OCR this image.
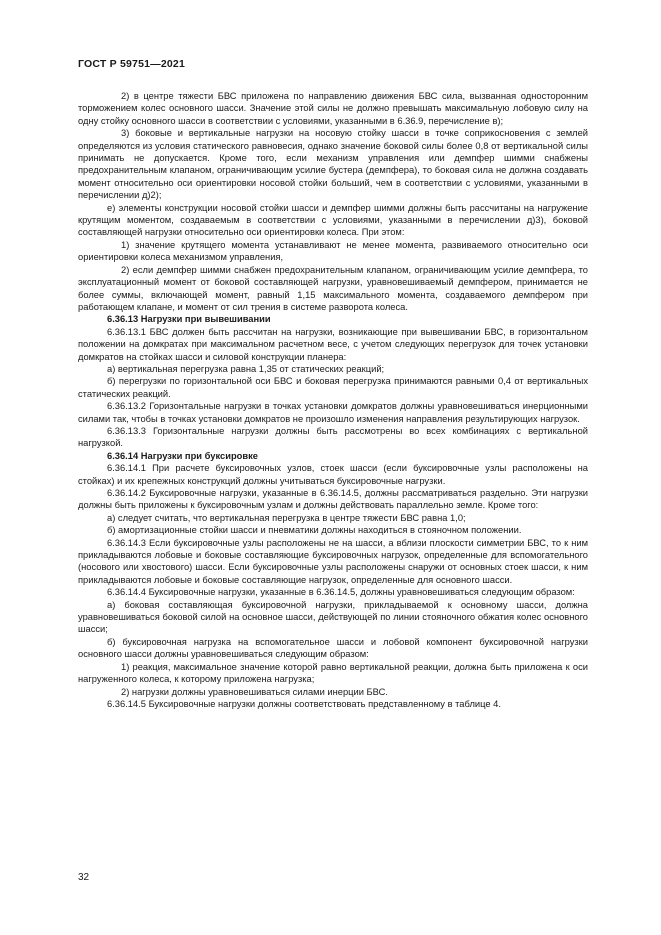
ГОСТ Р 59751—2021

2) в центре тяжести БВС приложена по направлению движения БВС сила, вызванная односторонним торможением колес основного шасси. Значение этой силы не должно превышать максимальную лобовую силу на одну стойку основного шасси в соответствии с условиями, указанными в 6.36.9, перечисление в);

3) боковые и вертикальные нагрузки на носовую стойку шасси в точке соприкосновения с землей определяются из условия статического равновесия, однако значение боковой силы более 0,8 от вертикальной силы принимать не допускается. Кроме того, если механизм управления или демпфер шимми снабжены предохранительным клапаном, ограничивающим усилие бустера (демпфера), то боковая сила не должна создавать момент относительно оси ориентировки носовой стойки больший, чем в соответствии с условиями, указанными в перечислении д)2);

е) элементы конструкции носовой стойки шасси и демпфер шимми должны быть рассчитаны на нагружение крутящим моментом, создаваемым в соответствии с условиями, указанными в перечислении д)3), боковой составляющей нагрузки относительно оси ориентировки колеса. При этом:

1) значение крутящего момента устанавливают не менее момента, развиваемого относительно оси ориентировки колеса механизмом управления,

2) если демпфер шимми снабжен предохранительным клапаном, ограничивающим усилие демпфера, то эксплуатационный момент от боковой составляющей нагрузки, уравновешиваемый демпфером, принимается не более суммы, включающей момент, равный 1,15 максимального момента, создаваемого демпфером при работающем клапане, и момент от сил трения в системе разворота колеса.

6.36.13 Нагрузки при вывешивании

6.36.13.1 БВС должен быть рассчитан на нагрузки, возникающие при вывешивании БВС, в горизонтальном положении на домкратах при максимальном расчетном весе, с учетом следующих перегрузок для точек установки домкратов на стойках шасси и силовой конструкции планера:

а) вертикальная перегрузка равна 1,35 от статических реакций;

б) перегрузки по горизонтальной оси БВС и боковая перегрузка принимаются равными 0,4 от вертикальных статических реакций.

6.36.13.2 Горизонтальные нагрузки в точках установки домкратов должны уравновешиваться инерционными силами так, чтобы в точках установки домкратов не произошло изменения направления результирующих нагрузок.

6.36.13.3 Горизонтальные нагрузки должны быть рассмотрены во всех комбинациях с вертикальной нагрузкой.

6.36.14 Нагрузки при буксировке

6.36.14.1 При расчете буксировочных узлов, стоек шасси (если буксировочные узлы расположены на стойках) и их крепежных конструкций должны учитываться буксировочные нагрузки.

6.36.14.2 Буксировочные нагрузки, указанные в 6.36.14.5, должны рассматриваться раздельно. Эти нагрузки должны быть приложены к буксировочным узлам и должны действовать параллельно земле. Кроме того:

а) следует считать, что вертикальная перегрузка в центре тяжести БВС равна 1,0;

б) амортизационные стойки шасси и пневматики должны находиться в стояночном положении.

6.36.14.3 Если буксировочные узлы расположены не на шасси, а вблизи плоскости симметрии БВС, то к ним прикладываются лобовые и боковые составляющие буксировочных нагрузок, определенные для вспомогательного (носового или хвостового) шасси. Если буксировочные узлы расположены снаружи от основных стоек шасси, к ним прикладываются лобовые и боковые составляющие нагрузок, определенные для основного шасси.

6.36.14.4 Буксировочные нагрузки, указанные в 6.36.14.5, должны уравновешиваться следующим образом:

а) боковая составляющая буксировочной нагрузки, прикладываемой к основному шасси, должна уравновешиваться боковой силой на основное шасси, действующей по линии стояночного обжатия колес основного шасси;

б) буксировочная нагрузка на вспомогательное шасси и лобовой компонент буксировочной нагрузки основного шасси должны уравновешиваться следующим образом:

1) реакция, максимальное значение которой равно вертикальной реакции, должна быть приложена к оси нагруженного колеса, к которому приложена нагрузка;

2) нагрузки должны уравновешиваться силами инерции БВС.

6.36.14.5 Буксировочные нагрузки должны соответствовать представленному в таблице 4.

32
